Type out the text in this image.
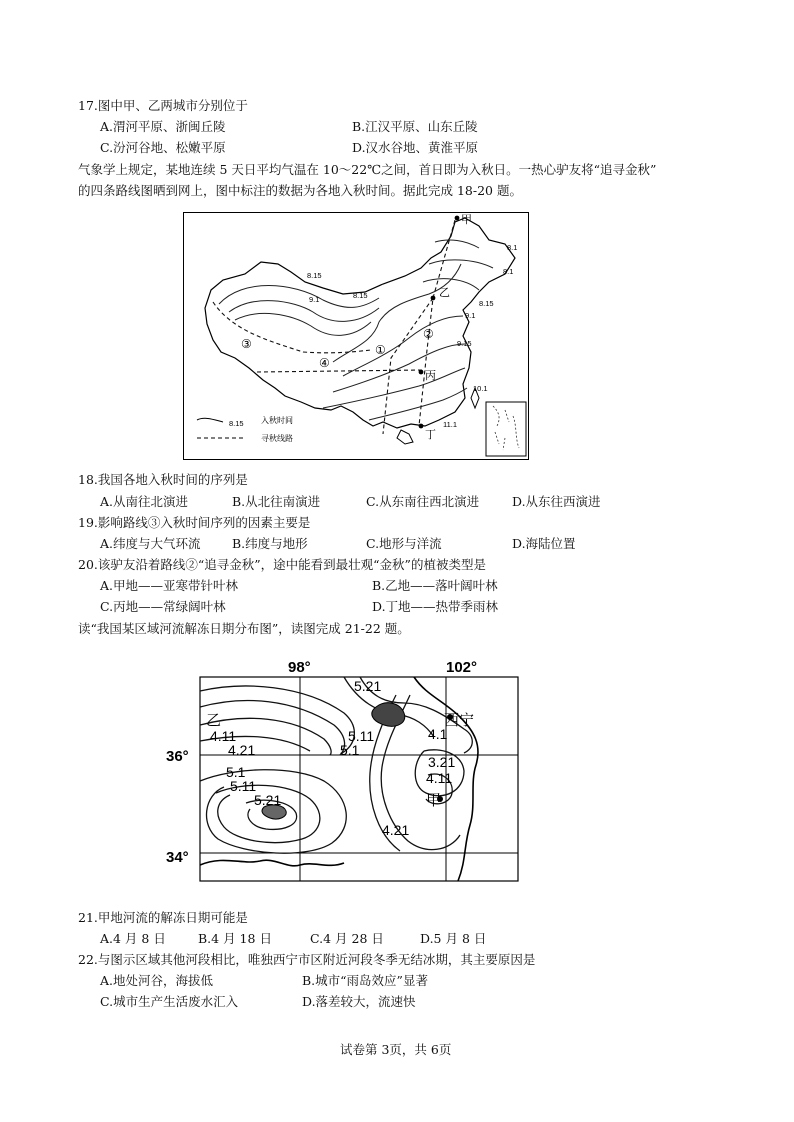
17.图中甲、乙两城市分别位于
A.渭河平原、浙闽丘陵	B.江汉平原、山东丘陵
C.汾河谷地、松嫩平原	D.汉水谷地、黄淮平原
气象学上规定，某地连续 5 天日平均气温在 10～22℃之间，首日即为入秋日。一热心驴友将“追寻金秋”
的四条路线图晒到网上，图中标注的数据为各地入秋时间。据此完成 18-20 题。
甲
乙
丙
丁
①
②
③
④
8.15
9.1	8.15
8.1
8.1
8.15
9.1
9.15
10.1
11.1
8.15 入秋时间
寻秋线路
18.我国各地入秋时间的序列是
A.从南往北演进	B.从北往南演进	C.从东南往西北演进	D.从东往西演进
19.影响路线③入秋时间序列的因素主要是
A.纬度与大气环流	B.纬度与地形	C.地形与洋流	D.海陆位置
20.该驴友沿着路线②“追寻金秋”，途中能看到最壮观“金秋”的植被类型是
A.甲地——亚寒带针叶林	B.乙地——落叶阔叶林
C.丙地——常绿阔叶林	D.丁地——热带季雨林
读“我国某区域河流解冻日期分布图”，读图完成 21-22 题。
98°	102°
36°
34°
乙	西宁
甲
5.21
4.11
4.21
5.11
5.1
4.1
3.21
4.11
5.1
5.11
5.21
4.21
21.甲地河流的解冻日期可能是
A.4 月 8 日	B.4 月 18 日	C.4 月 28 日	D.5 月 8 日
22.与图示区域其他河段相比，唯独西宁市区附近河段冬季无结冰期，其主要原因是
A.地处河谷，海拔低	B.城市“雨岛效应”显著
C.城市生产生活废水汇入	D.落差较大，流速快
试卷第 3页，共 6页
